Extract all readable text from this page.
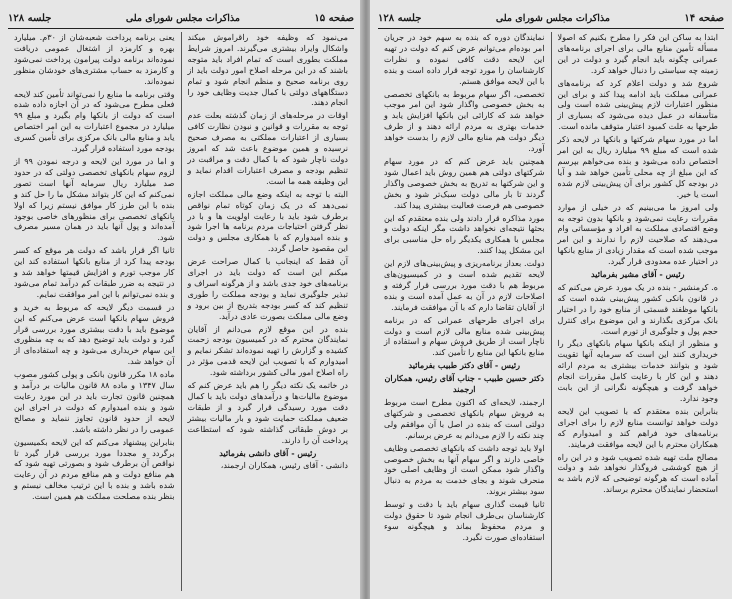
صفحه ۱۵
مذاکرات مجلس شورای ملی
جلسه ۱۲۸

مى‌نمود که وظیفه خود راقراموش میکند واشکال وایراد بیشتری مى‌گیرند. امروز شرایط مملکت بطورى است که تمام افراد باید متوجه باشند که در این مرحله اصلاح امور دولت باید از روى برنامه صحیح و منظم انجام شود و تمام دستگاههاى دولتى با کمال جدیت وظایف خود را انجام دهند.

اوقات در مرحله‌هاى از زمان گذشته بعلت عدم توجه به مقررات و قوانین و نبودن نظارت کافى بسیارى از اعتبارات مملکتى به مصرف صحیح نرسیده و همین موضوع باعث شد که امروز دولت ناچار شود که با کمال دقت و مراقبت در تنظیم بودجه و مصرف اعتبارات اقدام نماید و این وظیفه همه ما است.

البته با توجه به اینکه وضع مالى مملکت اجازه نمى‌دهد که در یک زمان کوتاه تمام نواقص برطرف شود باید با رعایت اولویت ها و با در نظر گرفتن احتیاجات مردم برنامه ها اجرا شود و بنده امیدوارم که با همکارى مجلس و دولت این مقصود حاصل گردد.

آن فقط که اینجانب با کمال صراحت عرض میکنم این است که دولت باید در اجراى برنامه‌هاى خود جدى باشد و از هرگونه اسراف و تبذیر جلوگیرى نماید و بودجه مملکت را طورى تنظیم کند که کسر بودجه بتدریج از بین برود و وضع مالى مملکت بصورت عادى درآید.

بنده در این موقع لازم مى‌دانم از آقایان نمایندگان محترم که در کمیسیون بودجه زحمت کشیده و گزارش را تهیه نموده‌اند تشکر نمایم و امیدوارم که با تصویب این لایحه قدمى مؤثر در راه اصلاح امور مالى کشور برداشته شود.

در خاتمه یک نکته دیگر را هم باید عرض کنم که موضوع مالیات‌ها و درآمدهاى دولت باید با کمال دقت مورد رسیدگى قرار گیرد و از طبقات ضعیف مملکت حمایت شود و بار مالیات بیشتر بر دوش طبقاتى گذاشته شود که استطاعت پرداخت آن را دارند.

رئیس - آقای دانشی بفرمائید

دانشی - آقای رئیس، همکاران ارجمند،

یعنى برنامه پرداخت شعبه‌شان از ۳۰م. میلیارد بهره و کارمزد از اشتغال عمومى دریافت نموده‌اند برنامه دولت پیرامون پرداخت نمى‌شود و کارمزد به حساب مشتری‌هاى خودشان منظور نموده‌اند.

وقتى برنامه ما منابع را نمى‌تواند تأمین کند لایحه فعلى مطرح مى‌شود که در آن اجازه داده شده است که دولت از بانکها وام بگیرد و مبلغ ۹۹ میلیارد در مجموع اعتبارات به این امر اختصاص یابد و منابع مالى بانک مرکزى برای تأمین کسرى بودجه مورد استفاده قرار گیرد.

و اما در مورد این لایحه و درجه نمودن ۹۹ از لزوم سهام بانکهاى تخصصى دولتى که در حدود صد میلیارد ریال سرمایه آنها است تصور نمى‌کنم که این کار بتواند مشکل ما را حل کند و بنده با این طرز کار موافق نیستم زیرا که اولا بانکهاى تخصصى براى منظورهاى خاصى بوجود آمده‌اند و پول آنها باید در همان مسیر مصرف شود.

ثانیا اگر قرار باشد که دولت هر موقع که کسر بودجه پیدا کرد از منابع بانکها استفاده کند این کار موجب تورم و افزایش قیمتها خواهد شد و در نتیجه به ضرر طبقات کم درآمد تمام مى‌شود و بنده نمى‌توانم با این امر موافقت نمایم.

در قسمت دیگر لایحه که مربوط به خرید و فروش سهام بانکها است عرض مى‌کنم که این موضوع باید با دقت بیشترى مورد بررسى قرار گیرد و دولت باید توضیح دهد که به چه منظورى این سهام خریدارى مى‌شود و چه استفاده‌اى از آن خواهد شد.

ماده ۱۸ مکرر قانون بانکى و پولى کشور مصوب سال ۱۳۴۷ و ماده ۸۸ قانون مالیات بر درآمد و همچنین قانون تجارت باید در این مورد رعایت شود و بنده امیدوارم که دولت در اجراى این لایحه از حدود قانون تجاوز ننماید و مصالح عمومى را در نظر داشته باشد.

بنابراین پیشنهاد مى‌کنم که این لایحه بکمیسیون برگردد و مجددا مورد بررسى قرار گیرد تا نواقص آن برطرف شود و بصورتى تهیه شود که هم منافع دولت و هم منافع مردم در آن رعایت شده باشد و بنده با این ترتیب مخالف نیستم و بنظر بنده مصلحت مملکت هم همین است.

صفحه ۱۴
مذاکرات مجلس شورای ملی
جلسه ۱۲۸

ابتدا به ساکن این فکر را مطرح بکنیم که اصولا مسأله تأمین منابع مالى براى اجراى برنامه‌هاى عمرانى چگونه باید انجام گیرد و دولت در این زمینه چه سیاستى را دنبال خواهد کرد.

شروع شد و دولت اعلام کرد که برنامه‌هاى عمرانى مملکت باید ادامه پیدا کند و براى این منظور اعتبارات لازم پیش‌بینى شده است ولى متأسفانه در عمل دیده مى‌شود که بسیارى از طرحها به علت کمبود اعتبار متوقف مانده است.

اما در مورد سهام شرکتها و بانکها در لایحه ذکر شده است که مبلغ ۹۹ میلیارد ریال به این امر اختصاص داده مى‌شود و بنده مى‌خواهم بپرسم که این مبلغ از چه محلى تأمین خواهد شد و آیا در بودجه کل کشور براى آن پیش‌بینى لازم شده است یا خیر.

ولى امروز ما مى‌بینیم که در خیلى از موارد مقررات رعایت نمى‌شود و بانکها بدون توجه به وضع اقتصادى مملکت به افراد و مؤسساتى وام مى‌دهند که صلاحیت لازم را ندارند و این امر موجب شده است که مقدار زیادى از منابع بانکها در اختیار عده معدودى قرار گیرد.

رئیس - آقای مشیر بفرمائید

ه. کرمنشیر - بنده در یک مورد عرض مى‌کنم که در قانون بانکى کشور پیش‌بینى شده است که بانکها موظفند قسمتى از منابع خود را در اختیار بانک مرکزى بگذارند و این موضوع براى کنترل حجم پول و جلوگیرى از تورم است.

و منظور از اینکه بانکها سهام بانکهاى دیگر را خریدارى کنند این است که سرمایه آنها تقویت شود و بتوانند خدمات بیشترى به مردم ارائه دهند و این کار با رعایت کامل مقررات انجام خواهد گرفت و هیچگونه نگرانى از این بابت وجود ندارد.

بنابراین بنده معتقدم که با تصویب این لایحه دولت خواهد توانست منابع لازم را براى اجراى برنامه‌هاى خود فراهم کند و امیدوارم که همکاران محترم با این لایحه موافقت فرمایند.

مصالح ملت تهیه شده تصویب شود و در این راه از هیچ کوششى فروگذار نخواهد شد و دولت آماده است که هرگونه توضیحى که لازم باشد به استحضار نمایندگان محترم برساند.

نمایندگان دوره که بنده به سهم خود در جریان امر بوده‌ام مى‌توانم عرض کنم که دولت در تهیه این لایحه دقت کافى نموده و نظرات کارشناسان را مورد توجه قرار داده است و بنده با این لایحه موافق هستم.

تخصصى، اگر سهام مربوط به بانکهاى تخصصى به بخش خصوصى واگذار شود این امر موجب خواهد شد که کارائى این بانکها افزایش یابد و خدمات بهترى به مردم ارائه دهند و از طرف دیگر دولت هم منابع مالى لازم را بدست خواهد آورد.

همچنین باید عرض کنم که در مورد سهام شرکتهاى دولتى هم همین روش باید اعمال شود و این شرکتها به تدریج به بخش خصوصى واگذار گردند تا بار مالى دولت سبک‌تر شود و بخش خصوصى هم فرصت فعالیت بیشترى پیدا کند.

مورد مذاکره قرار دادند ولى بنده معتقدم که این بحثها نتیجه‌اى نخواهد داشت مگر اینکه دولت و مجلس با همکارى یکدیگر راه حل مناسبى براى این مشکل پیدا کنند.

دولت. بعداز برنامه‌ریزى و پیش‌بینى‌هاى لازم این لایحه تقدیم شده است و در کمیسیون‌هاى مربوط هم با دقت مورد بررسى قرار گرفته و اصلاحات لازم در آن به عمل آمده است و بنده از آقایان تقاضا دارم که با آن موافقت فرمایند.

براى اجراى طرحهاى عمرانى که در برنامه پیش‌بینى شده منابع مالى لازم است و دولت ناچار است از طریق فروش سهام و استفاده از منابع بانکها این منابع را تأمین کند.

رئیس - آقای دکتر طبیب بفرمائید

دکتر حسین طبیب - جناب آقای رئیس، همکاران ارجمند

ارجمند، لایحه‌اى که اکنون مطرح است مربوط به فروش سهام بانکهاى تخصصى و شرکتهاى دولتى است که بنده در اصل با آن موافقم ولى چند نکته را لازم مى‌دانم به عرض برسانم.

اولا باید توجه داشت که بانکهاى تخصصى وظایف خاصى دارند و اگر سهام آنها به بخش خصوصى واگذار شود ممکن است از وظایف اصلى خود منحرف شوند و بجاى خدمت به مردم به دنبال سود بیشتر بروند.

ثانیا قیمت گذارى سهام باید با دقت و توسط کارشناسان بى‌طرف انجام شود تا حقوق دولت و مردم محفوظ بماند و هیچگونه سوء استفاده‌اى صورت نگیرد.
